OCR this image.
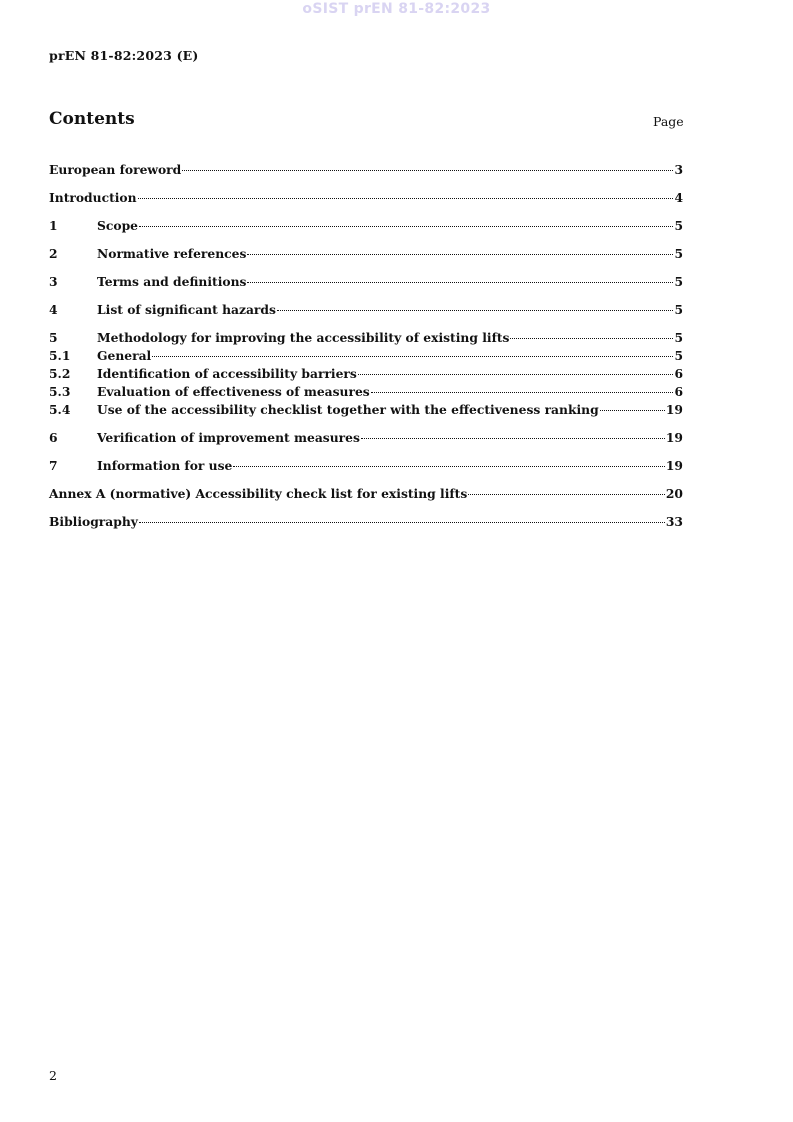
oSIST prEN 81-82:2023
prEN 81-82:2023 (E)
Contents	Page
European foreword	3
Introduction	4
1	Scope	5
2	Normative references	5
3	Terms and definitions	5
4	List of significant hazards	5
5	Methodology for improving the accessibility of existing lifts	5
5.1	General	5
5.2	Identification of accessibility barriers	6
5.3	Evaluation of effectiveness of measures	6
5.4	Use of the accessibility checklist together with the effectiveness ranking	19
6	Verification of improvement measures	19
7	Information for use	19
Annex A (normative) Accessibility check list for existing lifts	20
Bibliography	33
2
